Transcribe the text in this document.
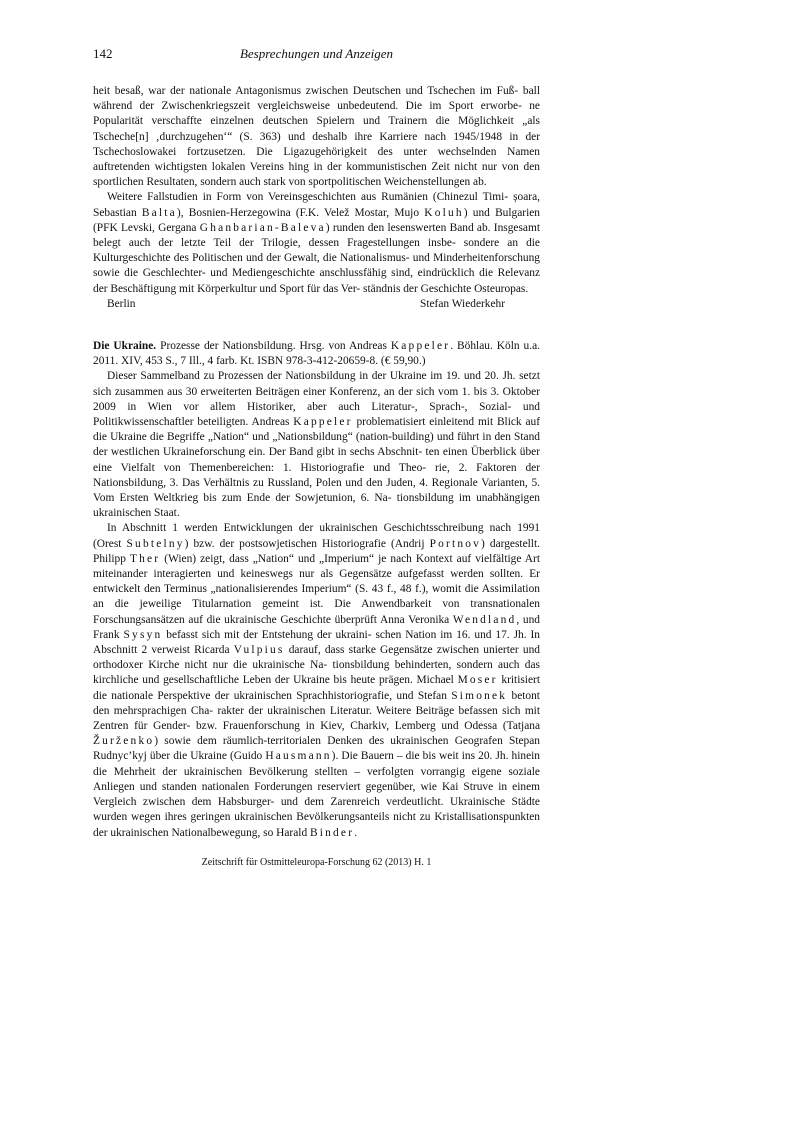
142	Besprechungen und Anzeigen

heit besaß, war der nationale Antagonismus zwischen Deutschen und Tschechen im Fuß- ball während der Zwischenkriegszeit vergleichsweise unbedeutend. Die im Sport erworbe- ne Popularität verschaffte einzelnen deutschen Spielern und Trainern die Möglichkeit „als Tscheche[n] ‚durchzugehen‘“ (S. 363) und deshalb ihre Karriere nach 1945/1948 in der Tschechoslowakei fortzusetzen. Die Ligazugehörigkeit des unter wechselnden Namen auftretenden wichtigsten lokalen Vereins hing in der kommunistischen Zeit nicht nur von den sportlichen Resultaten, sondern auch stark von sportpolitischen Weichenstellungen ab.

Weitere Fallstudien in Form von Vereinsgeschichten aus Rumänien (Chinezul Timi- șoara, Sebastian Balta), Bosnien-Herzegowina (F.K. Velež Mostar, Mujo Koluh) und Bulgarien (PFK Levski, Gergana Ghanbarian-Baleva) runden den lesenswerten Band ab. Insgesamt belegt auch der letzte Teil der Trilogie, dessen Fragestellungen insbe- sondere an die Kulturgeschichte des Politischen und der Gewalt, die Nationalismus- und Minderheitenforschung sowie die Geschlechter- und Mediengeschichte anschlussfähig sind, eindrücklich die Relevanz der Beschäftigung mit Körperkultur und Sport für das Ver- ständnis der Geschichte Osteuropas.

Berlin	Stefan Wiederkehr

Die Ukraine. Prozesse der Nationsbildung. Hrsg. von Andreas Kappeler. Böhlau. Köln u.a. 2011. XIV, 453 S., 7 Ill., 4 farb. Kt. ISBN 978-3-412-20659-8. (€ 59,90.)

Dieser Sammelband zu Prozessen der Nationsbildung in der Ukraine im 19. und 20. Jh. setzt sich zusammen aus 30 erweiterten Beiträgen einer Konferenz, an der sich vom 1. bis 3. Oktober 2009 in Wien vor allem Historiker, aber auch Literatur-, Sprach-, Sozial- und Politikwissenschaftler beteiligten. Andreas Kappeler problematisiert einleitend mit Blick auf die Ukraine die Begriffe „Nation“ und „Nationsbildung“ (nation-building) und führt in den Stand der westlichen Ukraineforschung ein. Der Band gibt in sechs Abschnit- ten einen Überblick über eine Vielfalt von Themenbereichen: 1. Historiografie und Theo- rie, 2. Faktoren der Nationsbildung, 3. Das Verhältnis zu Russland, Polen und den Juden, 4. Regionale Varianten, 5. Vom Ersten Weltkrieg bis zum Ende der Sowjetunion, 6. Na- tionsbildung im unabhängigen ukrainischen Staat.

In Abschnitt 1 werden Entwicklungen der ukrainischen Geschichtsschreibung nach 1991 (Orest Subtelny) bzw. der postsowjetischen Historiografie (Andrij Portnov) dargestellt. Philipp Ther (Wien) zeigt, dass „Nation“ und „Imperium“ je nach Kontext auf vielfältige Art miteinander interagierten und keineswegs nur als Gegensätze aufgefasst werden sollten. Er entwickelt den Terminus „nationalisierendes Imperium“ (S. 43 f., 48 f.), womit die Assimilation an die jeweilige Titularnation gemeint ist. Die Anwendbarkeit von transnationalen Forschungsansätzen auf die ukrainische Geschichte überprüft Anna Veronika Wendland, und Frank Sysyn befasst sich mit der Entstehung der ukraini- schen Nation im 16. und 17. Jh. In Abschnitt 2 verweist Ricarda Vulpius darauf, dass starke Gegensätze zwischen unierter und orthodoxer Kirche nicht nur die ukrainische Na- tionsbildung behinderten, sondern auch das kirchliche und gesellschaftliche Leben der Ukraine bis heute prägen. Michael Moser kritisiert die nationale Perspektive der ukrainischen Sprachhistoriografie, und Stefan Simonek betont den mehrsprachigen Cha- rakter der ukrainischen Literatur. Weitere Beiträge befassen sich mit Zentren für Gender- bzw. Frauenforschung in Kiev, Charkiv, Lemberg und Odessa (Tatjana Žurženko) sowie dem räumlich-territorialen Denken des ukrainischen Geografen Stepan Rudnyc’kyj über die Ukraine (Guido Hausmann). Die Bauern – die bis weit ins 20. Jh. hinein die Mehrheit der ukrainischen Bevölkerung stellten – verfolgten vorrangig eigene soziale Anliegen und standen nationalen Forderungen reserviert gegenüber, wie Kai Struve in einem Vergleich zwischen dem Habsburger- und dem Zarenreich verdeutlicht. Ukrainische Städte wurden wegen ihres geringen ukrainischen Bevölkerungsanteils nicht zu Kristallisationspunkten der ukrainischen Nationalbewegung, so Harald Binder.

Zeitschrift für Ostmitteleuropa-Forschung 62 (2013) H. 1
